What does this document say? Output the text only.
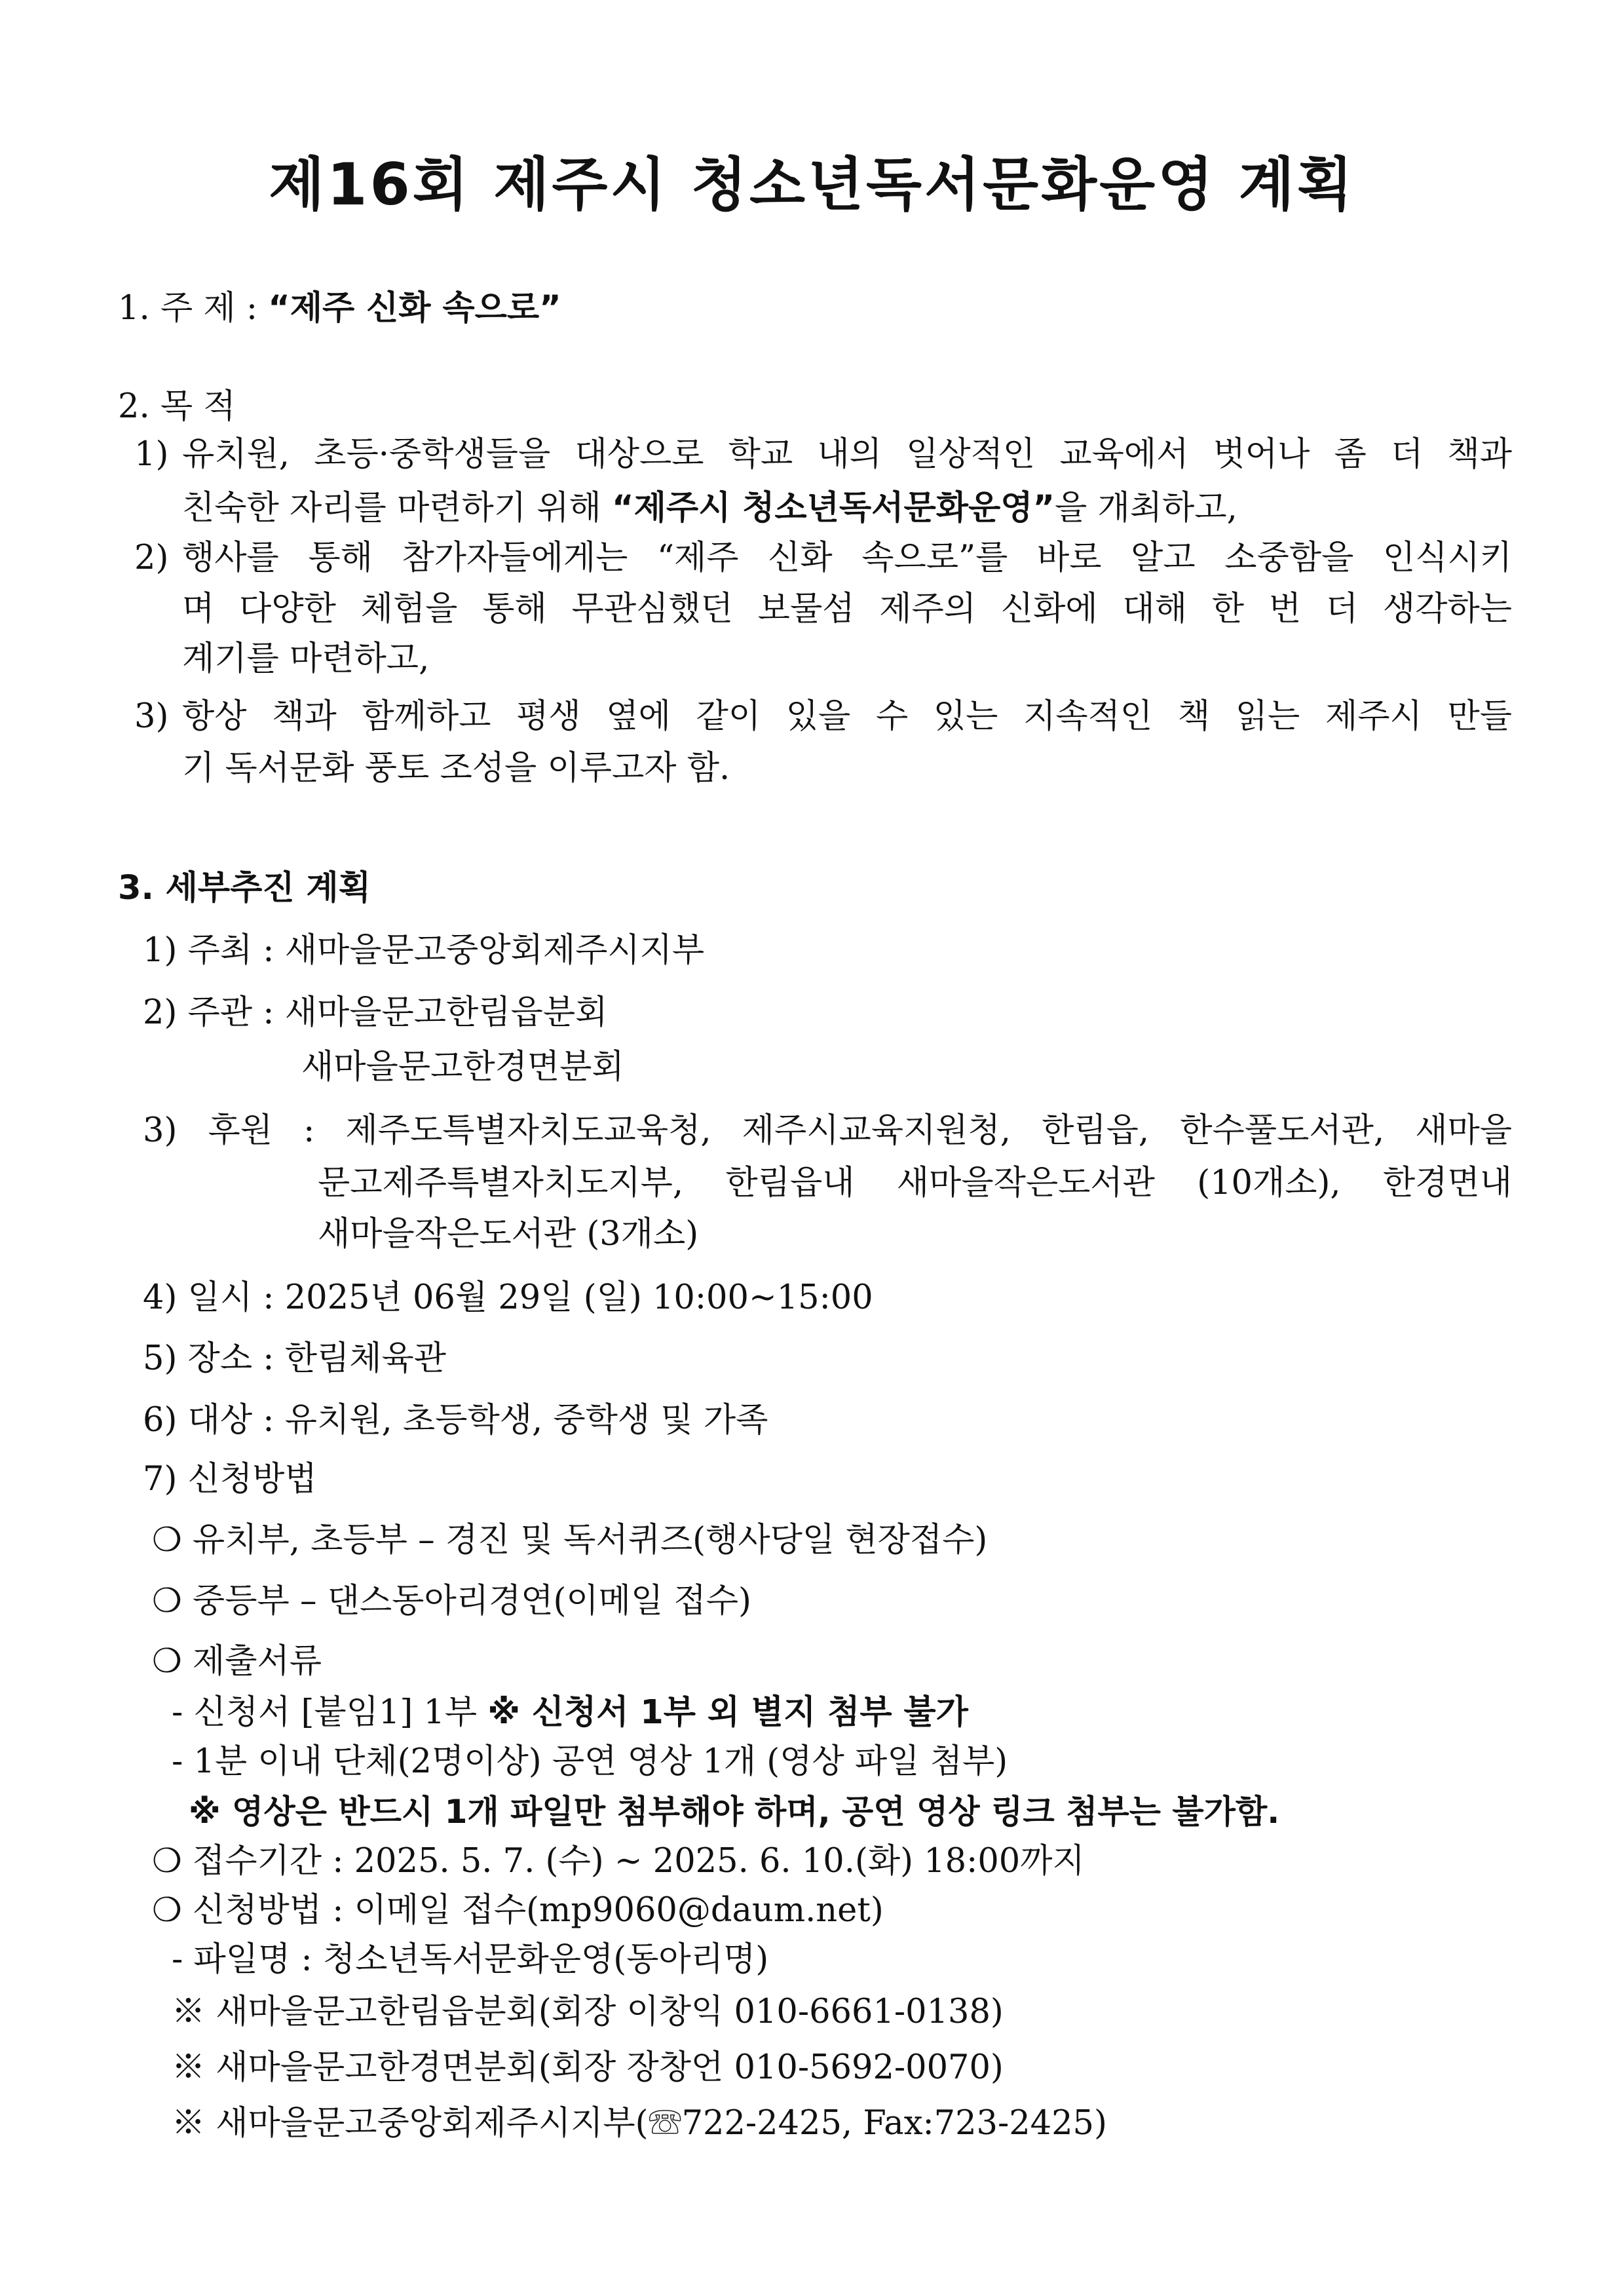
제16회 제주시 청소년독서문화운영 계획
1. 주 제 : “제주 신화 속으로”
2. 목 적
1) 유치원, 초등·중학생들을 대상으로 학교 내의 일상적인 교육에서 벗어나 좀 더 책과
친숙한 자리를 마련하기 위해 “제주시 청소년독서문화운영”을 개최하고,
2) 행사를 통해 참가자들에게는 “제주 신화 속으로”를 바로 알고 소중함을 인식시키
며 다양한 체험을 통해 무관심했던 보물섬 제주의 신화에 대해 한 번 더 생각하는
계기를 마련하고,
3) 항상 책과 함께하고 평생 옆에 같이 있을 수 있는 지속적인 책 읽는 제주시 만들
기 독서문화 풍토 조성을 이루고자 함.
3. 세부추진 계획
1) 주최 : 새마을문고중앙회제주시지부
2) 주관 : 새마을문고한림읍분회
새마을문고한경면분회
3) 후원 : 제주도특별자치도교육청, 제주시교육지원청, 한림읍, 한수풀도서관, 새마을
문고제주특별자치도지부, 한림읍내 새마을작은도서관 (10개소), 한경면내
새마을작은도서관 (3개소)
4) 일시 : 2025년 06월 29일 (일) 10:00~15:00
5) 장소 : 한림체육관
6) 대상 : 유치원, 초등학생, 중학생 및 가족
7) 신청방법
❍ 유치부, 초등부 – 경진 및 독서퀴즈(행사당일 현장접수)
❍ 중등부 – 댄스동아리경연(이메일 접수)
❍ 제출서류
- 신청서 [붙임1] 1부 ※ 신청서 1부 외 별지 첨부 불가
- 1분 이내 단체(2명이상) 공연 영상 1개 (영상 파일 첨부)
※ 영상은 반드시 1개 파일만 첨부해야 하며, 공연 영상 링크 첨부는 불가함.
❍ 접수기간 : 2025. 5. 7. (수) ~ 2025. 6. 10.(화) 18:00까지
❍ 신청방법 : 이메일 접수(mp9060@daum.net)
- 파일명 : 청소년독서문화운영(동아리명)
※ 새마을문고한림읍분회(회장 이창익 010-6661-0138)
※ 새마을문고한경면분회(회장 장창언 010-5692-0070)
※ 새마을문고중앙회제주시지부(☏722-2425, Fax:723-2425)
